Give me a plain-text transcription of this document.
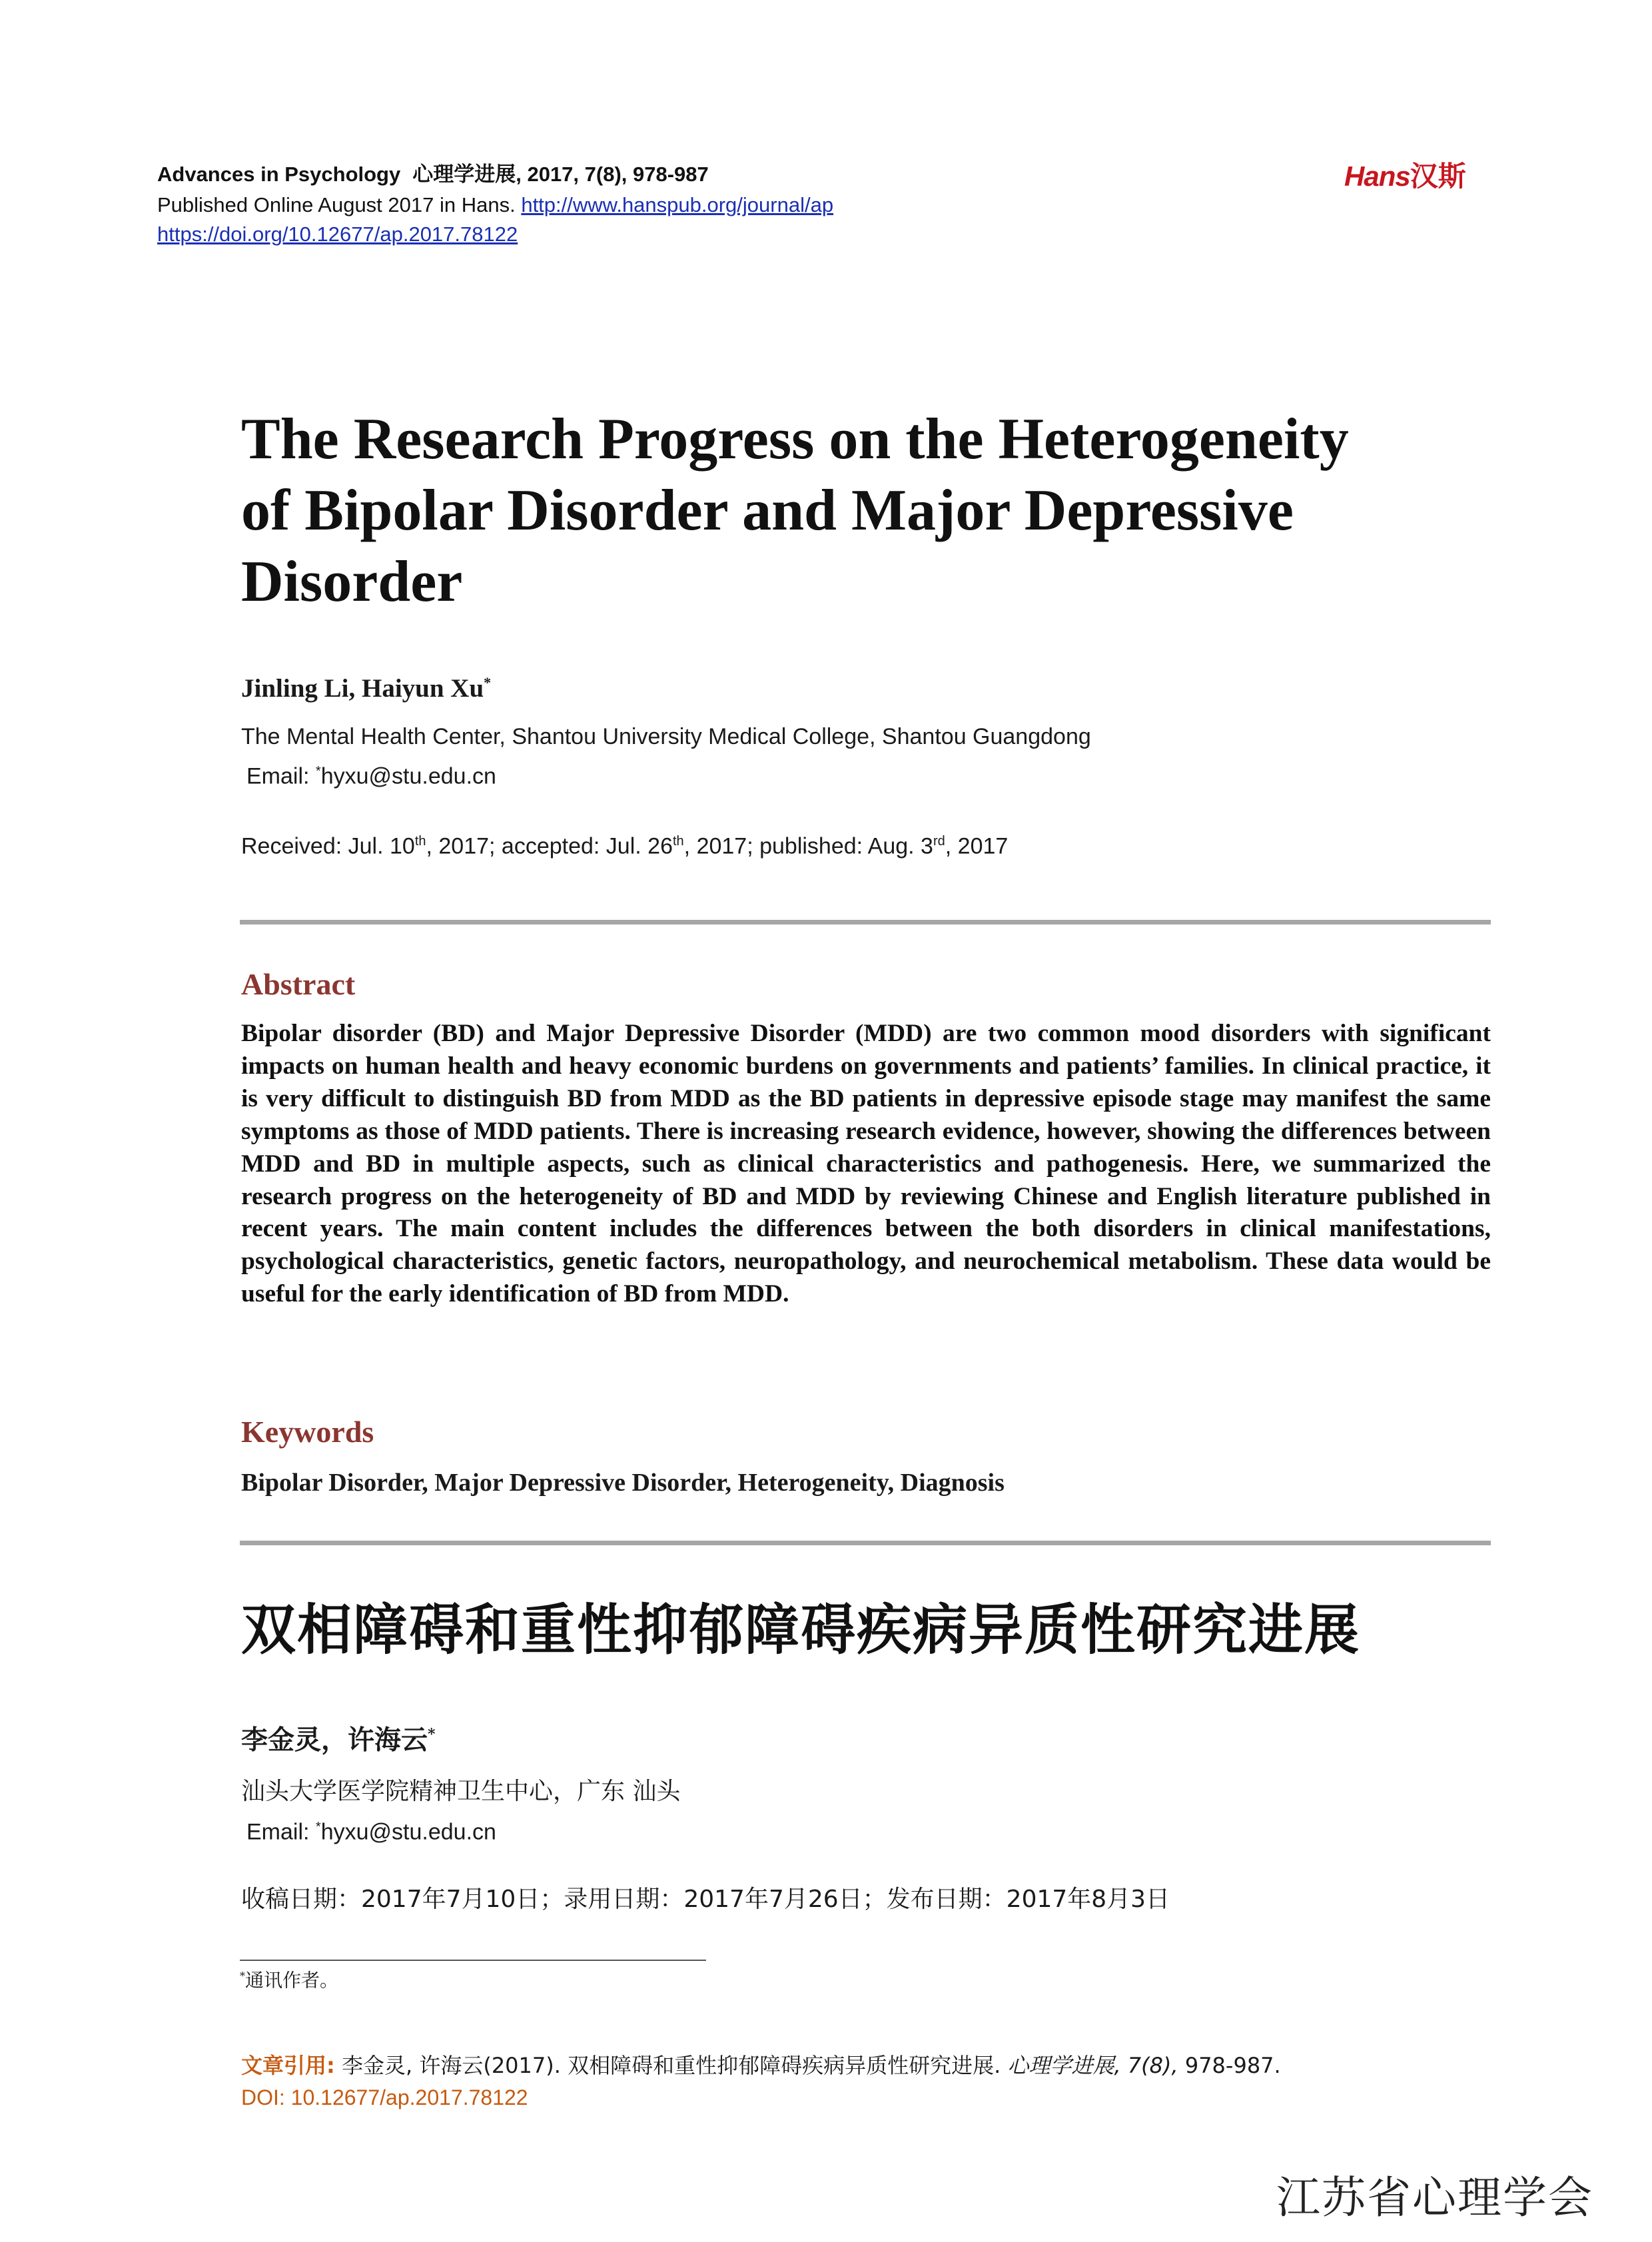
Advances in Psychology 心理学进展, 2017, 7(8), 978-987
Published Online August 2017 in Hans. http://www.hanspub.org/journal/ap
https://doi.org/10.12677/ap.2017.78122
Hans汉斯
The Research Progress on the Heterogeneity
of Bipolar Disorder and Major Depressive
Disorder
Jinling Li, Haiyun Xu*
The Mental Health Center, Shantou University Medical College, Shantou Guangdong
Email: *hyxu@stu.edu.cn
Received: Jul. 10th, 2017; accepted: Jul. 26th, 2017; published: Aug. 3rd, 2017
Abstract
Bipolar disorder (BD) and Major Depressive Disorder (MDD) are two common mood disorders with significant impacts on human health and heavy economic burdens on governments and patients’ families. In clinical practice, it is very difficult to distinguish BD from MDD as the BD patients in depressive episode stage may manifest the same symptoms as those of MDD patients. There is increasing research evidence, however, showing the differences between MDD and BD in multiple aspects, such as clinical characteristics and pathogenesis. Here, we summarized the research progress on the heterogeneity of BD and MDD by reviewing Chinese and English literature published in recent years. The main content includes the differences between the both disorders in clinical manifestations, psychological characteristics, genetic factors, neuropathology, and neurochemical metabolism. These data would be useful for the early identification of BD from MDD.
Keywords
Bipolar Disorder, Major Depressive Disorder, Heterogeneity, Diagnosis
双相障碍和重性抑郁障碍疾病异质性研究进展
李金灵，许海云*
汕头大学医学院精神卫生中心，广东 汕头
Email: *hyxu@stu.edu.cn
收稿日期：2017年7月10日；录用日期：2017年7月26日；发布日期：2017年8月3日
*通讯作者。
文章引用: 李金灵, 许海云(2017). 双相障碍和重性抑郁障碍疾病异质性研究进展. 心理学进展, 7(8), 978-987.
DOI: 10.12677/ap.2017.78122
江苏省心理学会
